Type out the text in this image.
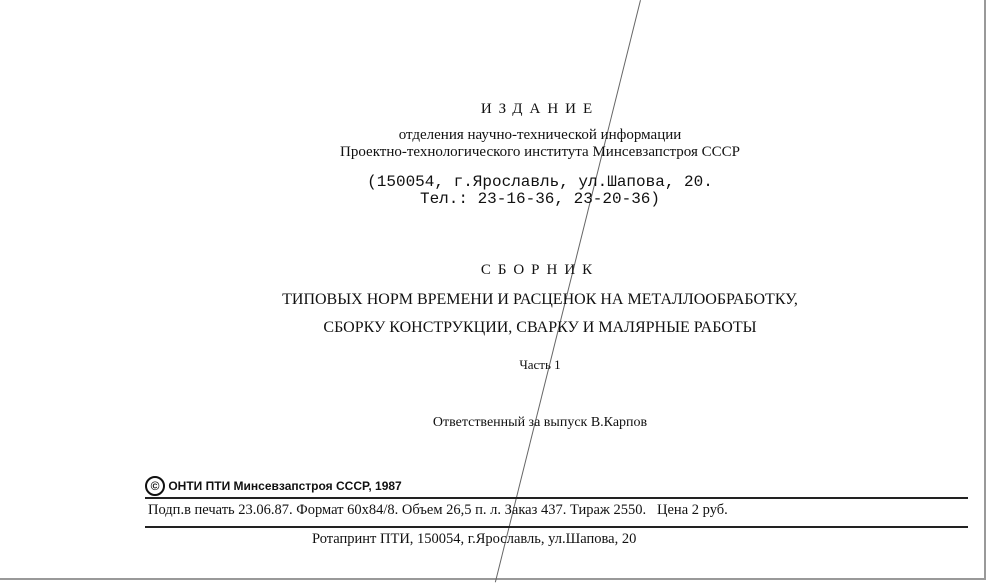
ИЗДАНИЕ
отделения научно-технической информации
Проектно-технологического института Минсевзапстроя СССР
(150054, г.Ярославль, ул.Шапова, 20.
Тел.: 23-16-36, 23-20-36)
СБОРНИК
ТИПОВЫХ НОРМ ВРЕМЕНИ И РАСЦЕНОК НА МЕТАЛЛООБРАБОТКУ,
СБОРКУ КОНСТРУКЦИИ, СВАРКУ И МАЛЯРНЫЕ РАБОТЫ
Часть 1
Ответственный за выпуск В.Карпов
© ОНТИ ПТИ Минсевзапстроя СССР, 1987
Подп.в печать 23.06.87. Формат 60х84/8. Объем 26,5 п. л. Заказ 437. Тираж 2550.   Цена 2 руб.
Ротапринт ПТИ, 150054, г.Ярославль, ул.Шапова, 20
